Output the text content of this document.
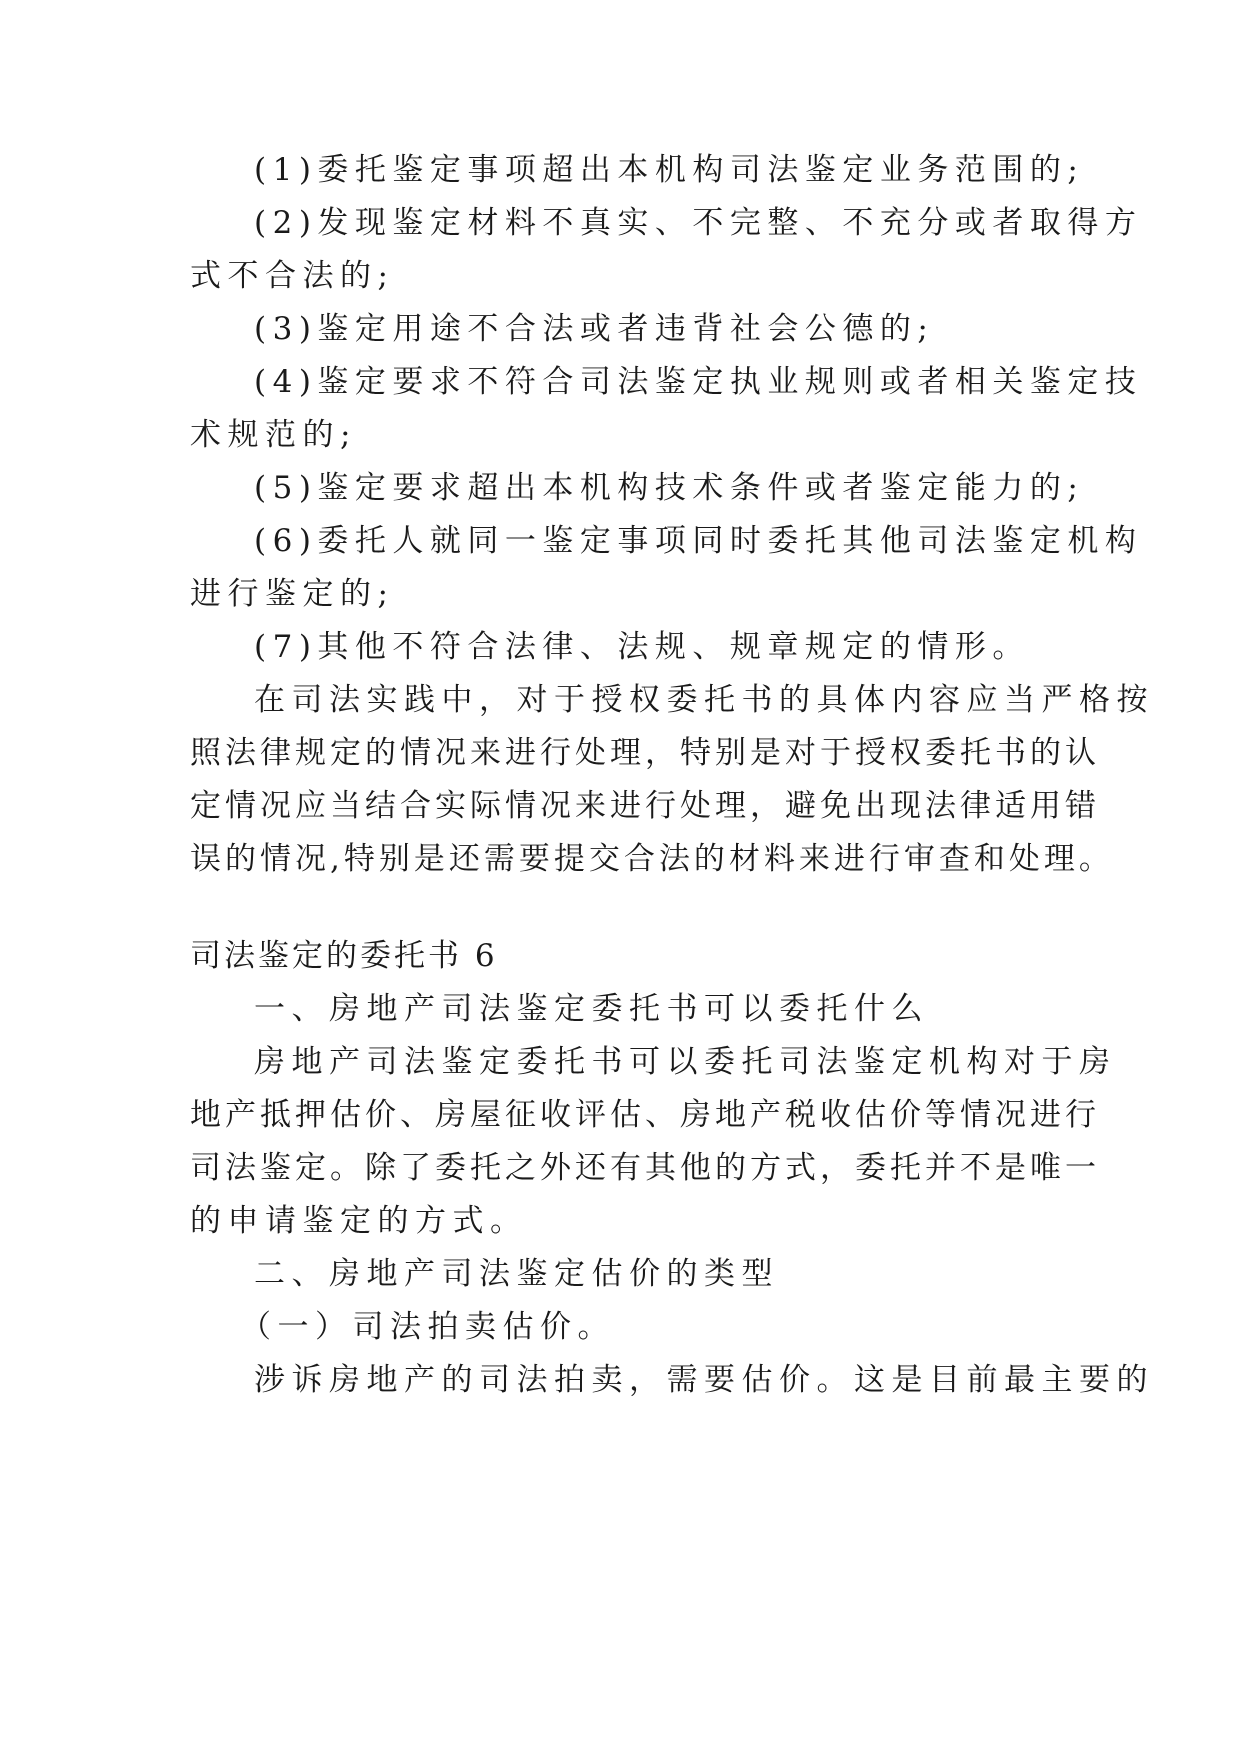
(1)委托鉴定事项超出本机构司法鉴定业务范围的;
(2)发现鉴定材料不真实、不完整、不充分或者取得方
式不合法的;
(3)鉴定用途不合法或者违背社会公德的;
(4)鉴定要求不符合司法鉴定执业规则或者相关鉴定技
术规范的;
(5)鉴定要求超出本机构技术条件或者鉴定能力的;
(6)委托人就同一鉴定事项同时委托其他司法鉴定机构
进行鉴定的;
(7)其他不符合法律、法规、规章规定的情形。
在司法实践中，对于授权委托书的具体内容应当严格按
照法律规定的情况来进行处理，特别是对于授权委托书的认
定情况应当结合实际情况来进行处理，避免出现法律适用错
误的情况,特别是还需要提交合法的材料来进行审查和处理。
司法鉴定的委托书 6
一、房地产司法鉴定委托书可以委托什么
房地产司法鉴定委托书可以委托司法鉴定机构对于房
地产抵押估价、房屋征收评估、房地产税收估价等情况进行
司法鉴定。除了委托之外还有其他的方式，委托并不是唯一
的申请鉴定的方式。
二、房地产司法鉴定估价的类型
（一）司法拍卖估价。
涉诉房地产的司法拍卖，需要估价。这是目前最主要的
